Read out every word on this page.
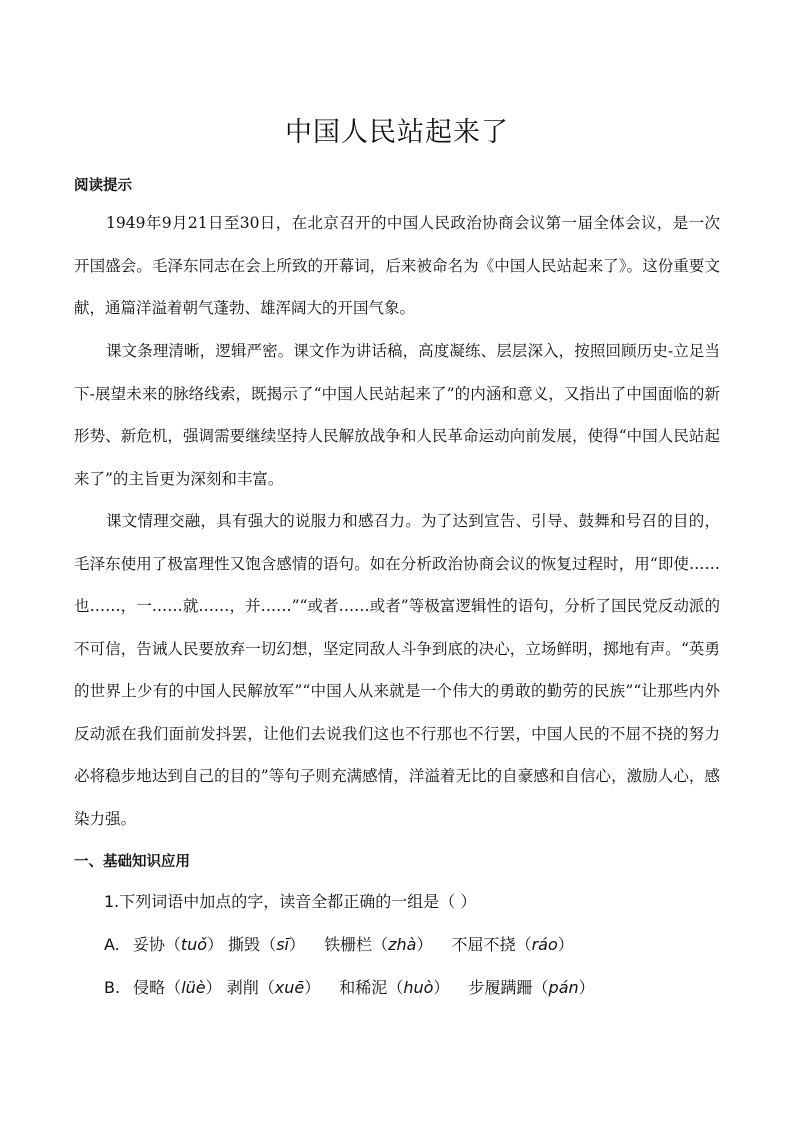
中国人民站起来了
阅读提示

1949年9月21日至30日，在北京召开的中国人民政治协商会议第一届全体会议，是一次开国盛会。毛泽东同志在会上所致的开幕词，后来被命名为《中国人民站起来了》。这份重要文献，通篇洋溢着朝气蓬勃、雄浑阔大的开国气象。

课文条理清晰，逻辑严密。课文作为讲话稿，高度凝练、层层深入，按照回顾历史-立足当下-展望未来的脉络线索，既揭示了“中国人民站起来了”的内涵和意义，又指出了中国面临的新形势、新危机，强调需要继续坚持人民解放战争和人民革命运动向前发展，使得“中国人民站起来了”的主旨更为深刻和丰富。

课文情理交融，具有强大的说服力和感召力。为了达到宣告、引导、鼓舞和号召的目的，毛泽东使用了极富理性又饱含感情的语句。如在分析政治协商会议的恢复过程时，用“即使……也……，一……就……，并……”“或者……或者”等极富逻辑性的语句，分析了国民党反动派的不可信，告诫人民要放弃一切幻想，坚定同敌人斗争到底的决心，立场鲜明，掷地有声。“英勇的世界上少有的中国人民解放军”“中国人从来就是一个伟大的勇敢的勤劳的民族”“让那些内外反动派在我们面前发抖罢，让他们去说我们这也不行那也不行罢，中国人民的不屈不挠的努力必将稳步地达到自己的目的”等句子则充满感情，洋溢着无比的自豪感和自信心，激励人心，感染力强。

一、基础知识应用
1.下列词语中加点的字，读音全都正确的一组是（ ）
A. 妥协（tuǒ） 撕毁（sī） 铁栅栏（zhà） 不屈不挠（ráo）
B. 侵略（lüè） 剥削（xuē） 和稀泥（huò） 步履蹒跚（pán）
